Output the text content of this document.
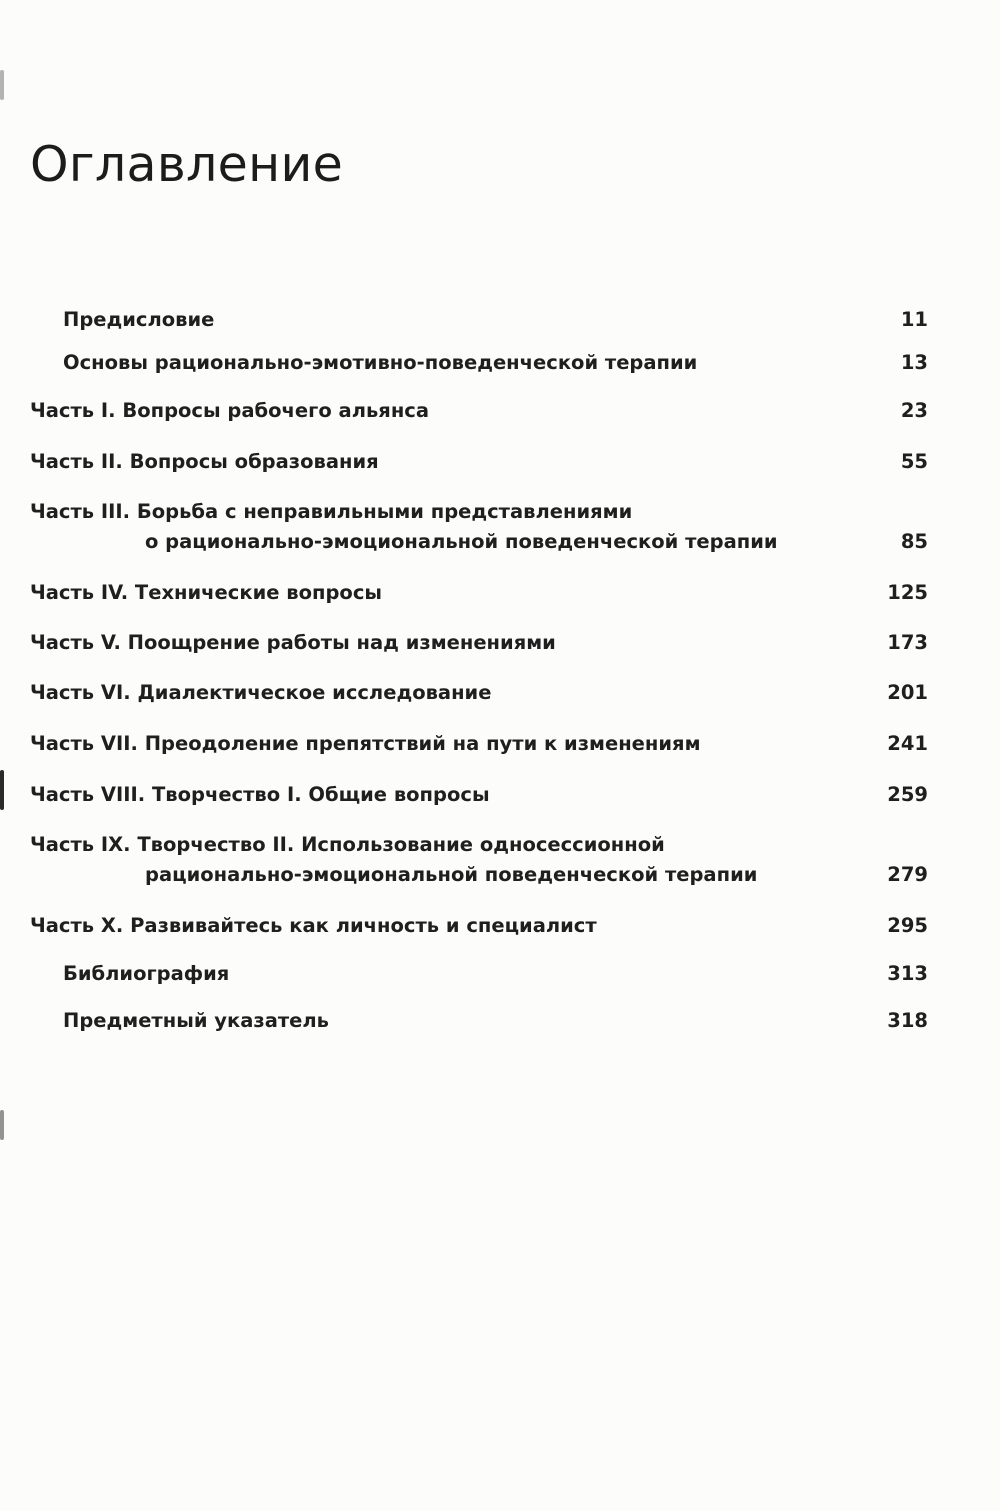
Оглавление
Предисловие	11
Основы рационально-эмотивно-поведенческой терапии	13
Часть I. Вопросы рабочего альянса	23
Часть II. Вопросы образования	55
Часть III. Борьба с неправильными представлениями
о рационально-эмоциональной поведенческой терапии	85
Часть IV. Технические вопросы	125
Часть V. Поощрение работы над изменениями	173
Часть VI. Диалектическое исследование	201
Часть VII. Преодоление препятствий на пути к изменениям	241
Часть VIII. Творчество I. Общие вопросы	259
Часть IX. Творчество II. Использование односессионной
рационально-эмоциональной поведенческой терапии	279
Часть X. Развивайтесь как личность и специалист	295
Библиография	313
Предметный указатель	318
